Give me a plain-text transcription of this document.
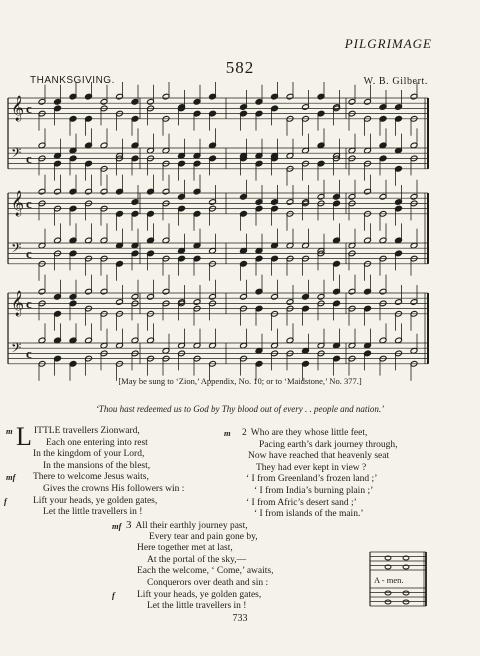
PILGRIMAGE
582
THANKSGIVING.	W. B. Gilbert.
𝄞
𝄢
c
c
𝄞
𝄢
c
c
𝄞
𝄢
c
c
[May be sung to ‘Zion,’ Appendix, No. 10; or to ‘Maidstone,’ No. 377.]
‘Thou hast redeemed us to God by Thy blood out of every . . people and nation.’
m L ITTLE travellers Zionward,
Each one entering into rest
In the kingdom of your Lord,
In the mansions of the blest,
mf There to welcome Jesus waits,
Gives the crowns His followers win :
f	Lift your heads, ye golden gates,
Let the little travellers in !
m 2 Who are they whose little feet,
Pacing earth’s dark journey through,
Now have reached that heavenly seat
They had ever kept in view ?
‘ I from Greenland’s frozen land ;’
‘ I from India’s burning plain ;’
‘ I from Afric’s desert sand ;’
‘ I from islands of the main.’
mf 3 All their earthly journey past,
Every tear and pain gone by,
Here together met at last,
At the portal of the sky,—
Each the welcome, ‘ Come,’ awaits,
Conquerors over death and sin :
f Lift your heads, ye golden gates,
Let the little travellers in !
A - men.
733
